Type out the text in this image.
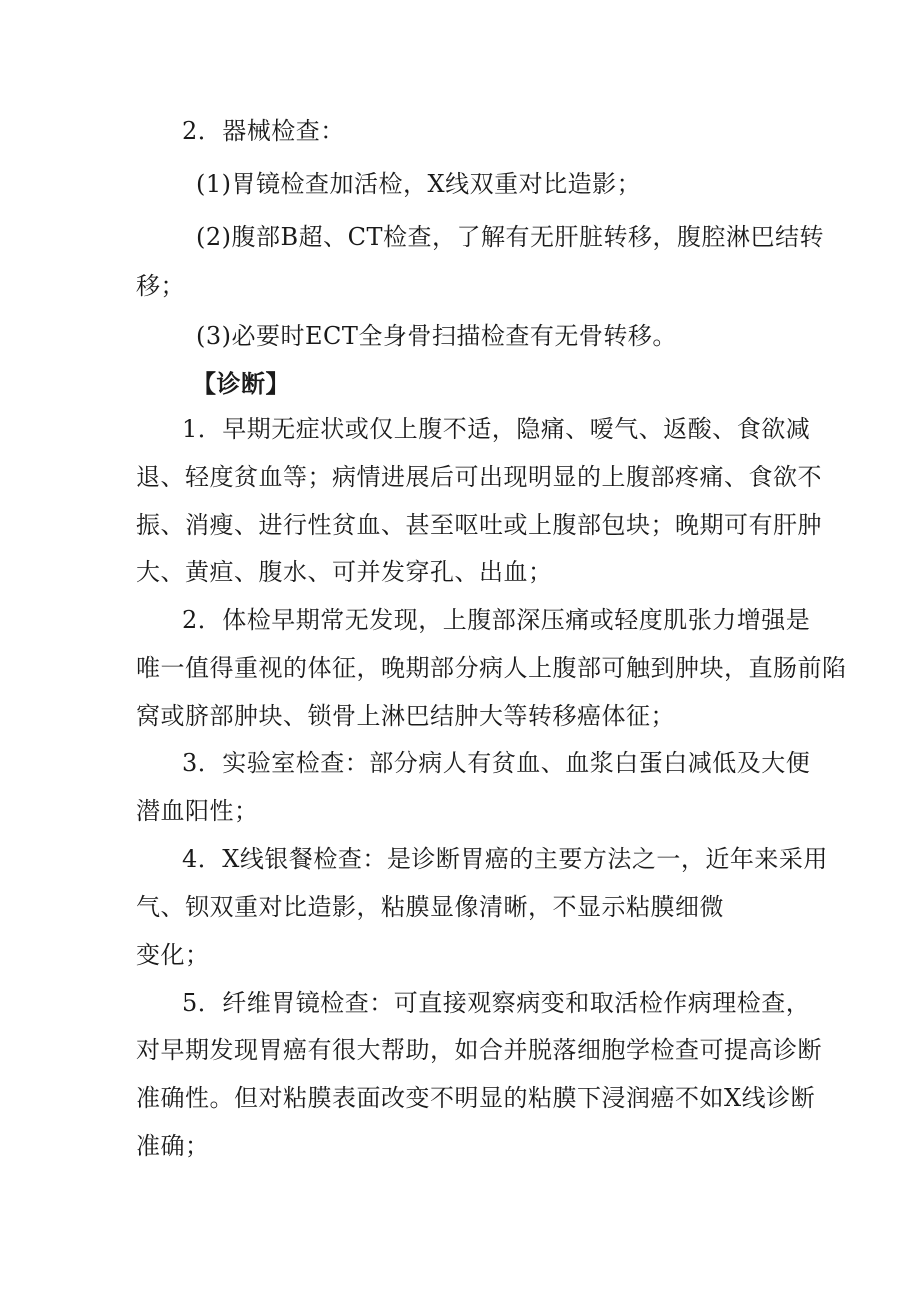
2．器械检查：
(1)胃镜检查加活检，X线双重对比造影；
(2)腹部B超、CT检查，了解有无肝脏转移，腹腔淋巴结转
移；
(3)必要时ECT全身骨扫描检查有无骨转移。
【诊断】
1．早期无症状或仅上腹不适，隐痛、嗳气、返酸、食欲减
退、轻度贫血等；病情进展后可出现明显的上腹部疼痛、食欲不
振、消瘦、进行性贫血、甚至呕吐或上腹部包块；晚期可有肝肿
大、黄疸、腹水、可并发穿孔、出血；
2．体检早期常无发现，上腹部深压痛或轻度肌张力增强是
唯一值得重视的体征，晚期部分病人上腹部可触到肿块，直肠前陷
窝或脐部肿块、锁骨上淋巴结肿大等转移癌体征；
3．实验室检查：部分病人有贫血、血浆白蛋白减低及大便
潜血阳性；
4．X线银餐检查：是诊断胃癌的主要方法之一，近年来采用
气、钡双重对比造影，粘膜显像清晰，不显示粘膜细微
变化；
5．纤维胃镜检查：可直接观察病变和取活检作病理检查，
对早期发现胃癌有很大帮助，如合并脱落细胞学检查可提高诊断
准确性。但对粘膜表面改变不明显的粘膜下浸润癌不如X线诊断
准确；
